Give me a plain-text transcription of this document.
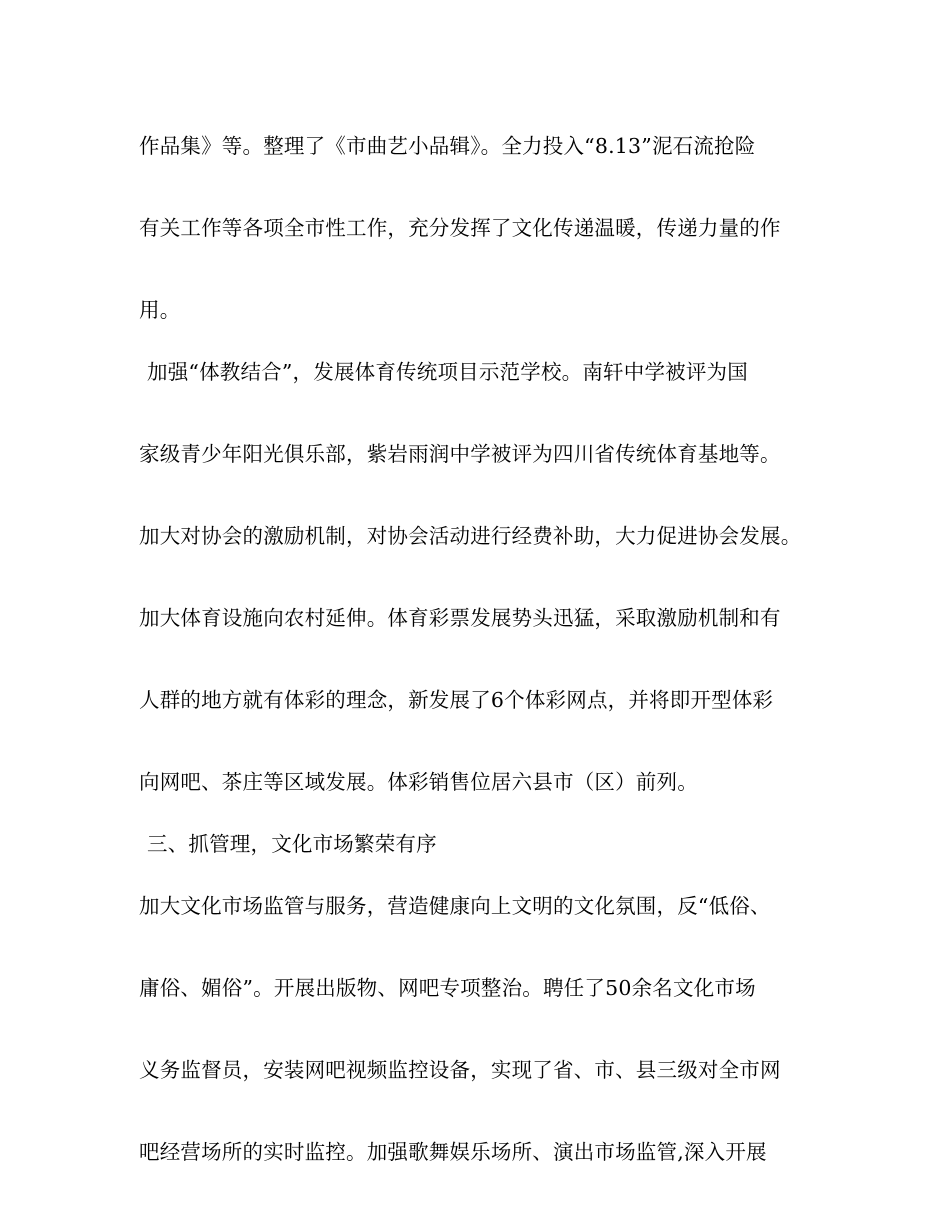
作品集》等。整理了《市曲艺小品辑》。全力投入“8.13”泥石流抢险
有关工作等各项全市性工作，充分发挥了文化传递温暖，传递力量的作
用。
加强“体教结合”，发展体育传统项目示范学校。南轩中学被评为国
家级青少年阳光俱乐部，紫岩雨润中学被评为四川省传统体育基地等。
加大对协会的激励机制，对协会活动进行经费补助，大力促进协会发展。
加大体育设施向农村延伸。体育彩票发展势头迅猛，采取激励机制和有
人群的地方就有体彩的理念，新发展了6个体彩网点，并将即开型体彩
向网吧、茶庄等区域发展。体彩销售位居六县市（区）前列。
三、抓管理，文化市场繁荣有序
加大文化市场监管与服务，营造健康向上文明的文化氛围，反“低俗、
庸俗、媚俗”。开展出版物、网吧专项整治。聘任了50余名文化市场
义务监督员，安装网吧视频监控设备，实现了省、市、县三级对全市网
吧经营场所的实时监控。加强歌舞娱乐场所、演出市场监管,深入开展
